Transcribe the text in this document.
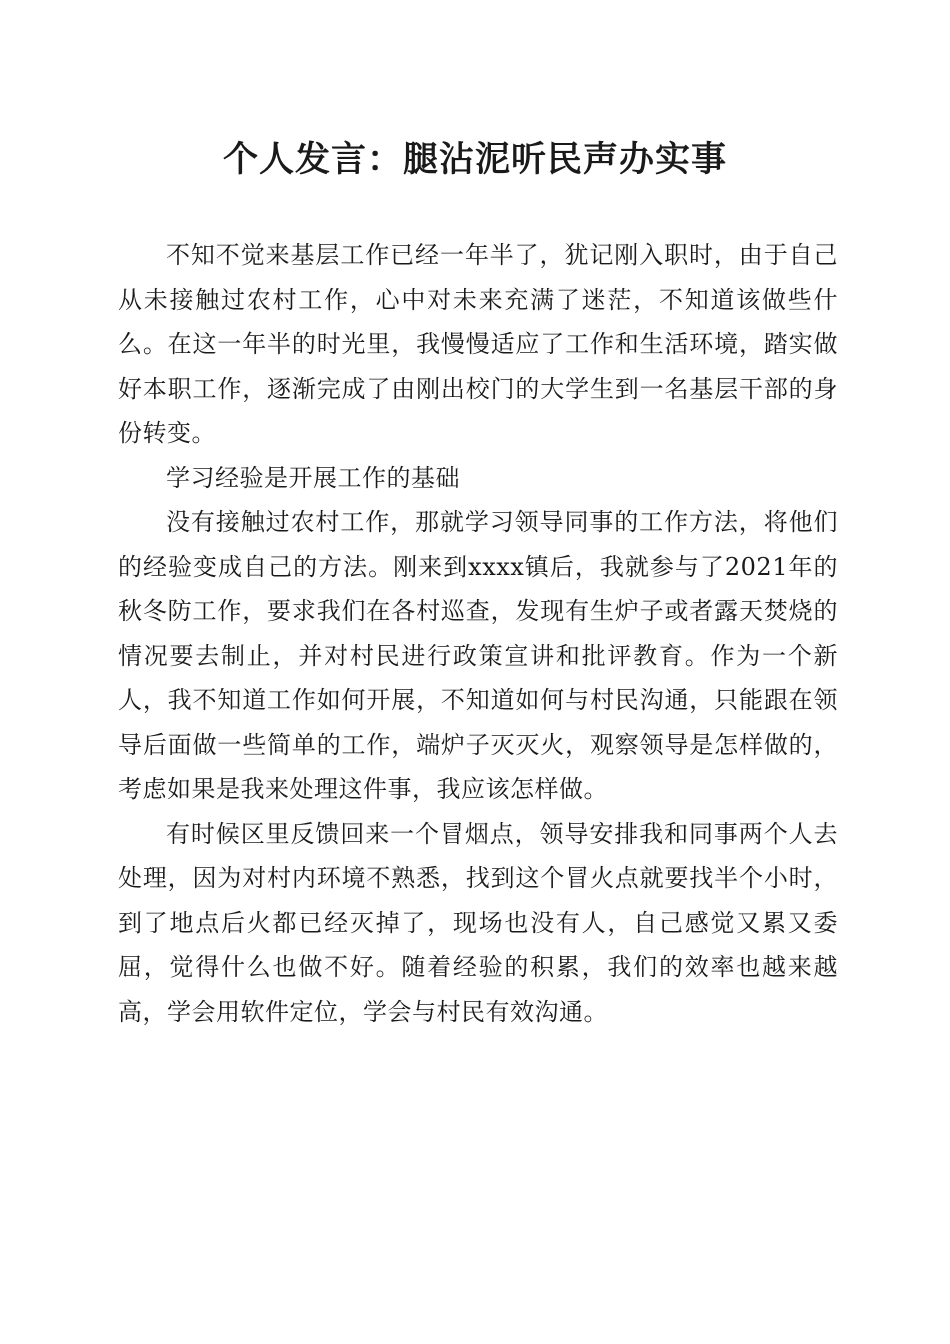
个人发言：腿沾泥听民声办实事

不知不觉来基层工作已经一年半了，犹记刚入职时，由于自己从未接触过农村工作，心中对未来充满了迷茫，不知道该做些什么。在这一年半的时光里，我慢慢适应了工作和生活环境，踏实做好本职工作，逐渐完成了由刚出校门的大学生到一名基层干部的身份转变。

学习经验是开展工作的基础

没有接触过农村工作，那就学习领导同事的工作方法，将他们的经验变成自己的方法。刚来到xxxx镇后，我就参与了2021年的秋冬防工作，要求我们在各村巡查，发现有生炉子或者露天焚烧的情况要去制止，并对村民进行政策宣讲和批评教育。作为一个新人，我不知道工作如何开展，不知道如何与村民沟通，只能跟在领导后面做一些简单的工作，端炉子灭灭火，观察领导是怎样做的，考虑如果是我来处理这件事，我应该怎样做。

有时候区里反馈回来一个冒烟点，领导安排我和同事两个人去处理，因为对村内环境不熟悉，找到这个冒火点就要找半个小时，到了地点后火都已经灭掉了，现场也没有人，自己感觉又累又委屈，觉得什么也做不好。随着经验的积累，我们的效率也越来越高，学会用软件定位，学会与村民有效沟通。
